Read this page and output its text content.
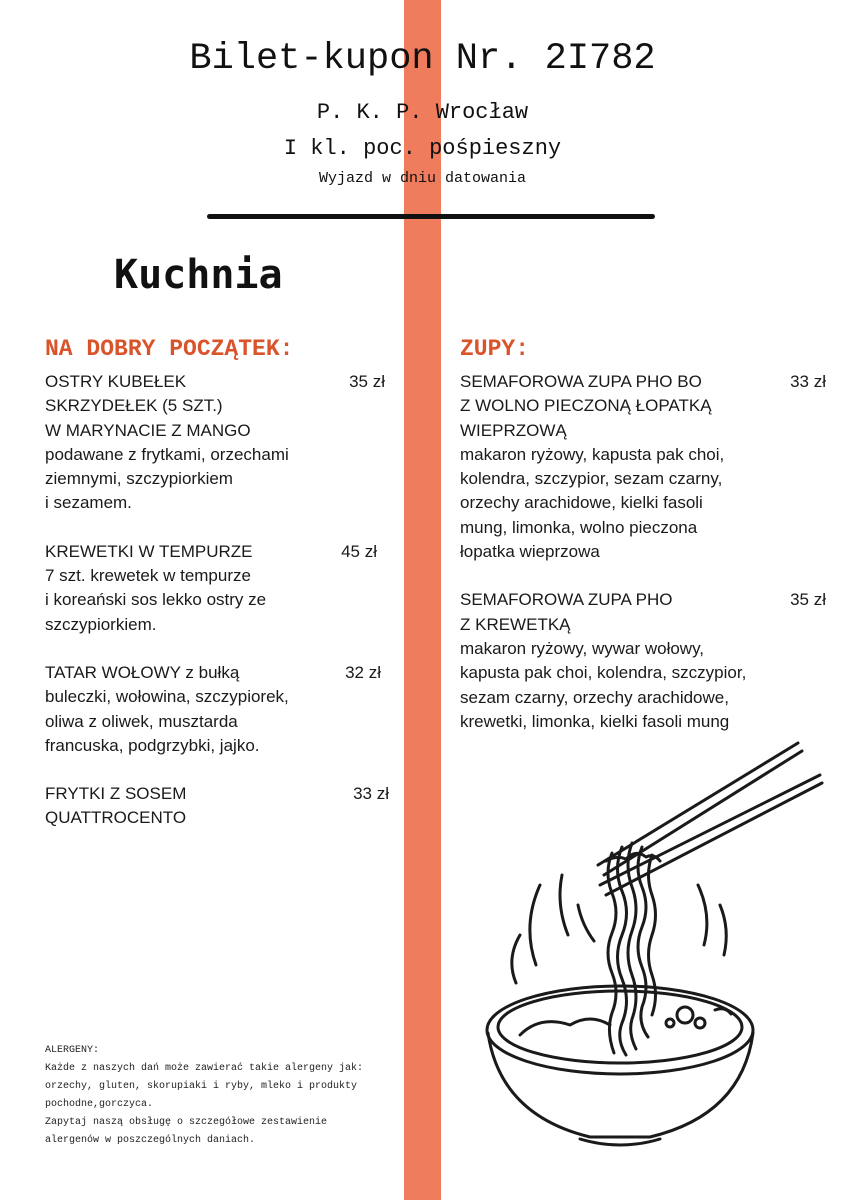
Bilet-kupon Nr. 2I782
P. K. P. Wrocław
I kl. poc. pośpieszny
Wyjazd w dniu datowania
Kuchnia
NA DOBRY POCZĄTEK:
OSTRY KUBEŁEK
SKRZYDEŁEK (5 SZT.)
W MARYNACIE Z MANGO
35 zł
podawane z frytkami, orzechami
ziemnymi, szczypiorkiem
i sezamem.
KREWETKI W TEMPURZE	45 zł
7 szt. krewetek w tempurze
i koreański sos lekko ostry ze
szczypiorkiem.
TATAR WOŁOWY z bułką	32 zł
buleczki, wołowina, szczypiorek,
oliwa z oliwek, musztarda
francuska, podgrzybki, jajko.
FRYTKI Z SOSEM
QUATTROCENTO
33 zł
ZUPY:
SEMAFOROWA ZUPA PHO BO
Z WOLNO PIECZONĄ ŁOPATKĄ
WIEPRZOWĄ
33 zł
makaron ryżowy, kapusta pak choi,
kolendra, szczypior, sezam czarny,
orzechy arachidowe, kielki fasoli
mung, limonka, wolno pieczona
łopatka wieprzowa
SEMAFOROWA ZUPA PHO
Z KREWETKĄ
35 zł
makaron ryżowy, wywar wołowy,
kapusta pak choi, kolendra, szczypior,
sezam czarny, orzechy arachidowe,
krewetki, limonka, kielki fasoli mung
ALERGENY:
Każde z naszych dań może zawierać takie alergeny jak:
orzechy, gluten, skorupiaki i ryby, mleko i produkty
pochodne,gorczyca.
Zapytaj naszą obsługę o szczegółowe zestawienie
alergenów w poszczególnych daniach.
